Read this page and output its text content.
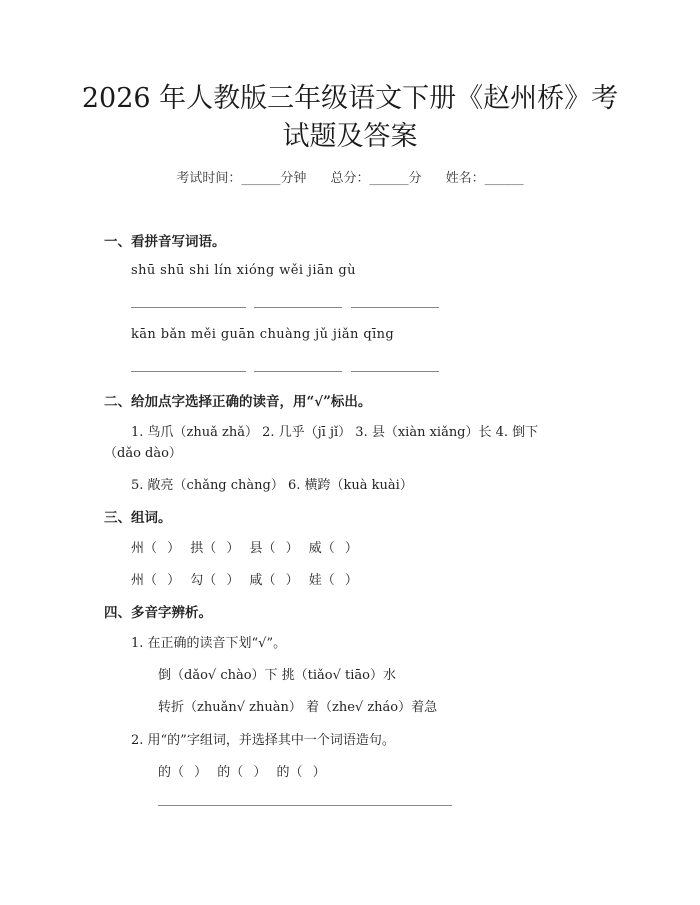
2026 年人教版三年级语文下册《赵州桥》考
试题及答案
考试时间：______分钟 总分：______分 姓名：______
一、看拼音写词语。
shū shū shi lín xióng wěi jiān gù
kān bǎn měi guān chuàng jǔ jiǎn qīng
二、给加点字选择正确的读音，用“√”标出。
1. 鸟爪（zhuǎ zhǎ） 2. 几乎（jī jǐ） 3. 县（xiàn xiǎng）长 4. 倒下
（dǎo dào）
5. 敞亮（chǎng chàng） 6. 横跨（kuà kuài）
三、组词。
州（ ） 拱（ ） 县（ ） 威（ ）
州（ ） 勾（ ） 咸（ ） 娃（ ）
四、多音字辨析。
1. 在正确的读音下划“√”。
倒（dǎo√ chào）下 挑（tiǎo√ tiāo）水
转折（zhuǎn√ zhuàn） 着（zhe√ zháo）着急
2. 用“的”字组词，并选择其中一个词语造句。
的（ ） 的（ ） 的（ ）
